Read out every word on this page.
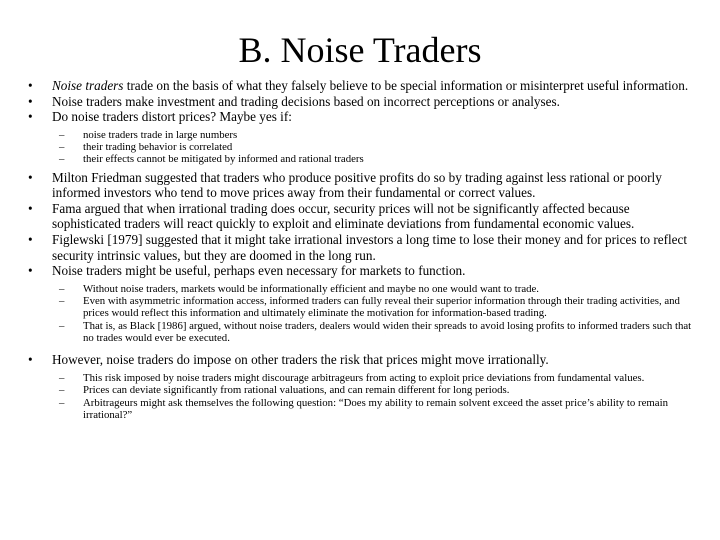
B. Noise Traders
• Noise traders trade on the basis of what they falsely believe to be special information or misinterpret useful information.
• Noise traders make investment and trading decisions based on incorrect perceptions or analyses.
• Do noise traders distort prices? Maybe yes if:
– noise traders trade in large numbers
– their trading behavior is correlated
– their effects cannot be mitigated by informed and rational traders
• Milton Friedman suggested that traders who produce positive profits do so by trading against less rational or poorly informed investors who tend to move prices away from their fundamental or correct values.
• Fama argued that when irrational trading does occur, security prices will not be significantly affected because sophisticated traders will react quickly to exploit and eliminate deviations from fundamental economic values.
• Figlewski [1979] suggested that it might take irrational investors a long time to lose their money and for prices to reflect security intrinsic values, but they are doomed in the long run.
• Noise traders might be useful, perhaps even necessary for markets to function.
– Without noise traders, markets would be informationally efficient and maybe no one would want to trade.
– Even with asymmetric information access, informed traders can fully reveal their superior information through their trading activities, and prices would reflect this information and ultimately eliminate the motivation for information-based trading.
– That is, as Black [1986] argued, without noise traders, dealers would widen their spreads to avoid losing profits to informed traders such that no trades would ever be executed.
• However, noise traders do impose on other traders the risk that prices might move irrationally.
– This risk imposed by noise traders might discourage arbitrageurs from acting to exploit price deviations from fundamental values.
– Prices can deviate significantly from rational valuations, and can remain different for long periods.
– Arbitrageurs might ask themselves the following question: “Does my ability to remain solvent exceed the asset price’s ability to remain irrational?”
